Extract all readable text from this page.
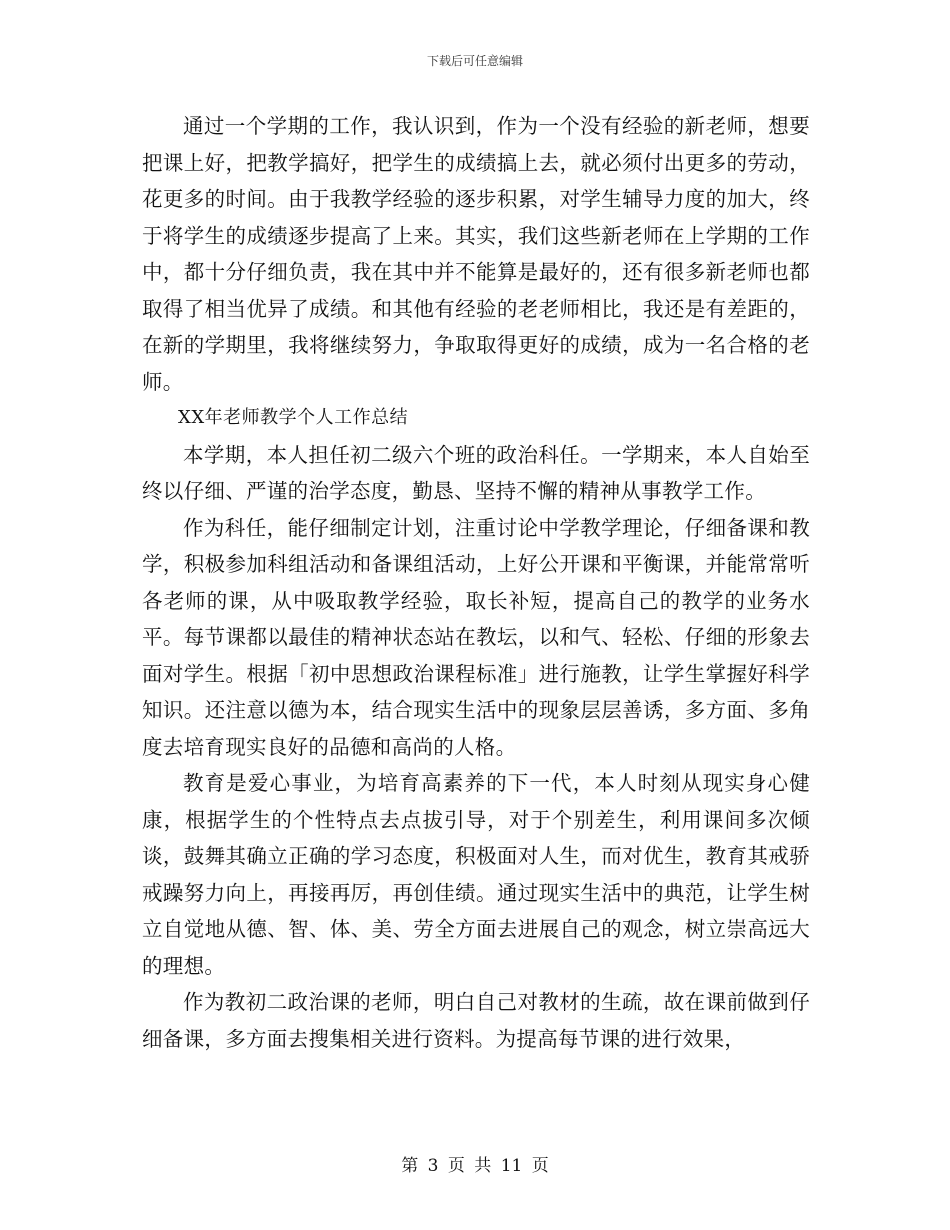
下载后可任意编辑

通过一个学期的工作，我认识到，作为一个没有经验的新老师，想要把课上好，把教学搞好，把学生的成绩搞上去，就必须付出更多的劳动，花更多的时间。由于我教学经验的逐步积累，对学生辅导力度的加大，终于将学生的成绩逐步提高了上来。其实，我们这些新老师在上学期的工作中，都十分仔细负责，我在其中并不能算是最好的，还有很多新老师也都取得了相当优异了成绩。和其他有经验的老老师相比，我还是有差距的，在新的学期里，我将继续努力，争取取得更好的成绩，成为一名合格的老师。

XX年老师教学个人工作总结

本学期，本人担任初二级六个班的政治科任。一学期来，本人自始至终以仔细、严谨的治学态度，勤恳、坚持不懈的精神从事教学工作。

作为科任，能仔细制定计划，注重讨论中学教学理论，仔细备课和教学，积极参加科组活动和备课组活动，上好公开课和平衡课，并能常常听各老师的课，从中吸取教学经验，取长补短，提高自己的教学的业务水平。每节课都以最佳的精神状态站在教坛，以和气、轻松、仔细的形象去面对学生。根据「初中思想政治课程标准」进行施教，让学生掌握好科学知识。还注意以德为本，结合现实生活中的现象层层善诱，多方面、多角度去培育现实良好的品德和高尚的人格。

教育是爱心事业，为培育高素养的下一代，本人时刻从现实身心健康，根据学生的个性特点去点拔引导，对于个别差生，利用课间多次倾谈，鼓舞其确立正确的学习态度，积极面对人生，而对优生，教育其戒骄戒躁努力向上，再接再厉，再创佳绩。通过现实生活中的典范，让学生树立自觉地从德、智、体、美、劳全方面去进展自己的观念，树立崇高远大的理想。

作为教初二政治课的老师，明白自己对教材的生疏，故在课前做到仔细备课，多方面去搜集相关进行资料。为提高每节课的进行效果，

第 3 页 共 11 页
